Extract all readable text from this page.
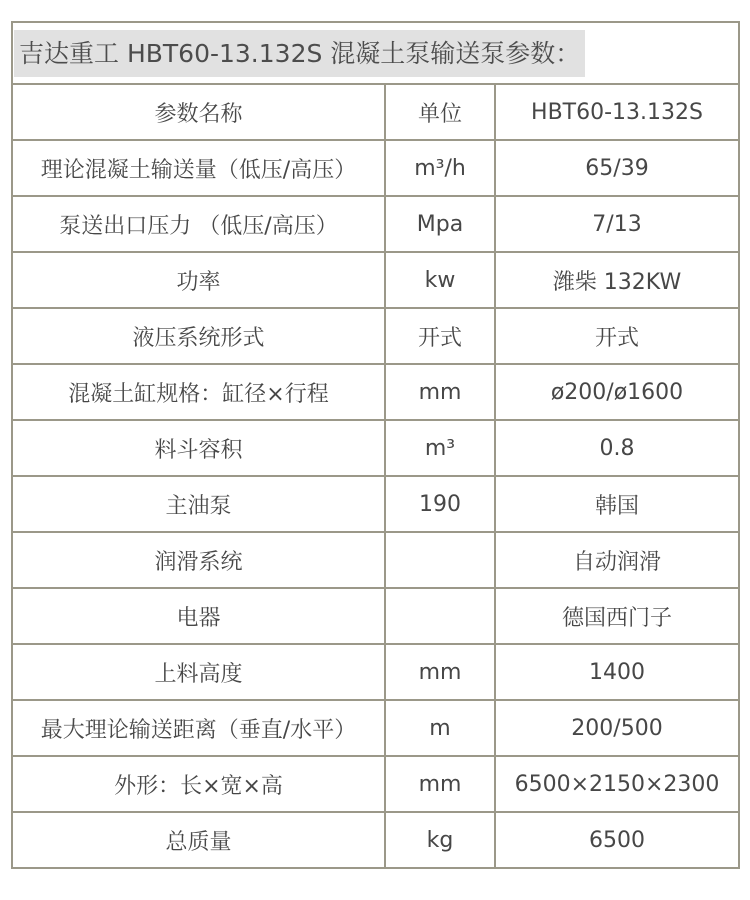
吉达重工 HBT60-13.132S 混凝土泵输送泵参数：		
参数名称	单位	HBT60-13.132S
理论混凝土输送量（低压/高压）	m³/h	65/39
泵送出口压力 （低压/高压）	Mpa	7/13
功率	kw	潍柴 132KW
液压系统形式	开式	开式
混凝土缸规格：缸径×行程	mm	ø200/ø1600
料斗容积	m³	0.8
主油泵	190	韩国
润滑系统		自动润滑
电器		德国西门子
上料高度	mm	1400
最大理论输送距离（垂直/水平）	m	200/500
外形：长×宽×高	mm	6500×2150×2300
总质量	kg	6500
